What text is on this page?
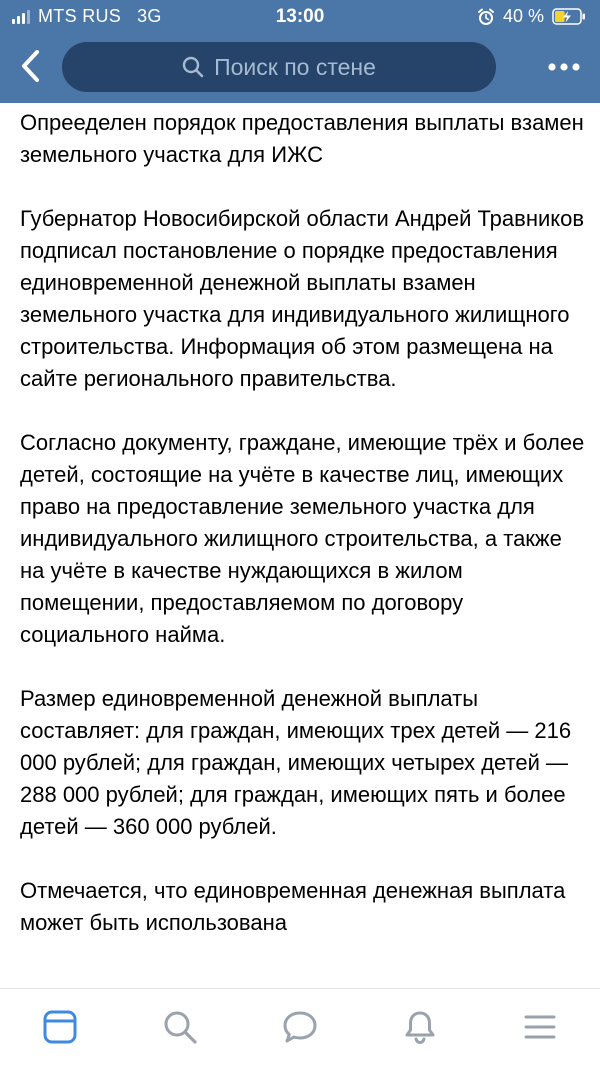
MTS RUS 3G	13:00	40 %
Поиск по стене

Опрееделен порядок предоставления выплаты взамен земельного участка для ИЖС

Губернатор Новосибирской области Андрей Травников подписал постановление о порядке предоставления единовременной денежной выплаты взамен земельного участка для индивидуального жилищного строительства. Информация об этом размещена на сайте регионального правительства.

Согласно документу, граждане, имеющие трёх и более детей, состоящие на учёте в качестве лиц, имеющих право на предоставление земельного участка для индивидуального жилищного строительства, а также на учёте в качестве нуждающихся в жилом помещении, предоставляемом по договору социального найма.

Размер единовременной денежной выплаты составляет: для граждан, имеющих трех детей — 216 000 рублей; для граждан, имеющих четырех детей — 288 000 рублей; для граждан, имеющих пять и более детей — 360 000 рублей.

Отмечается, что единовременная денежная выплата может быть использована
